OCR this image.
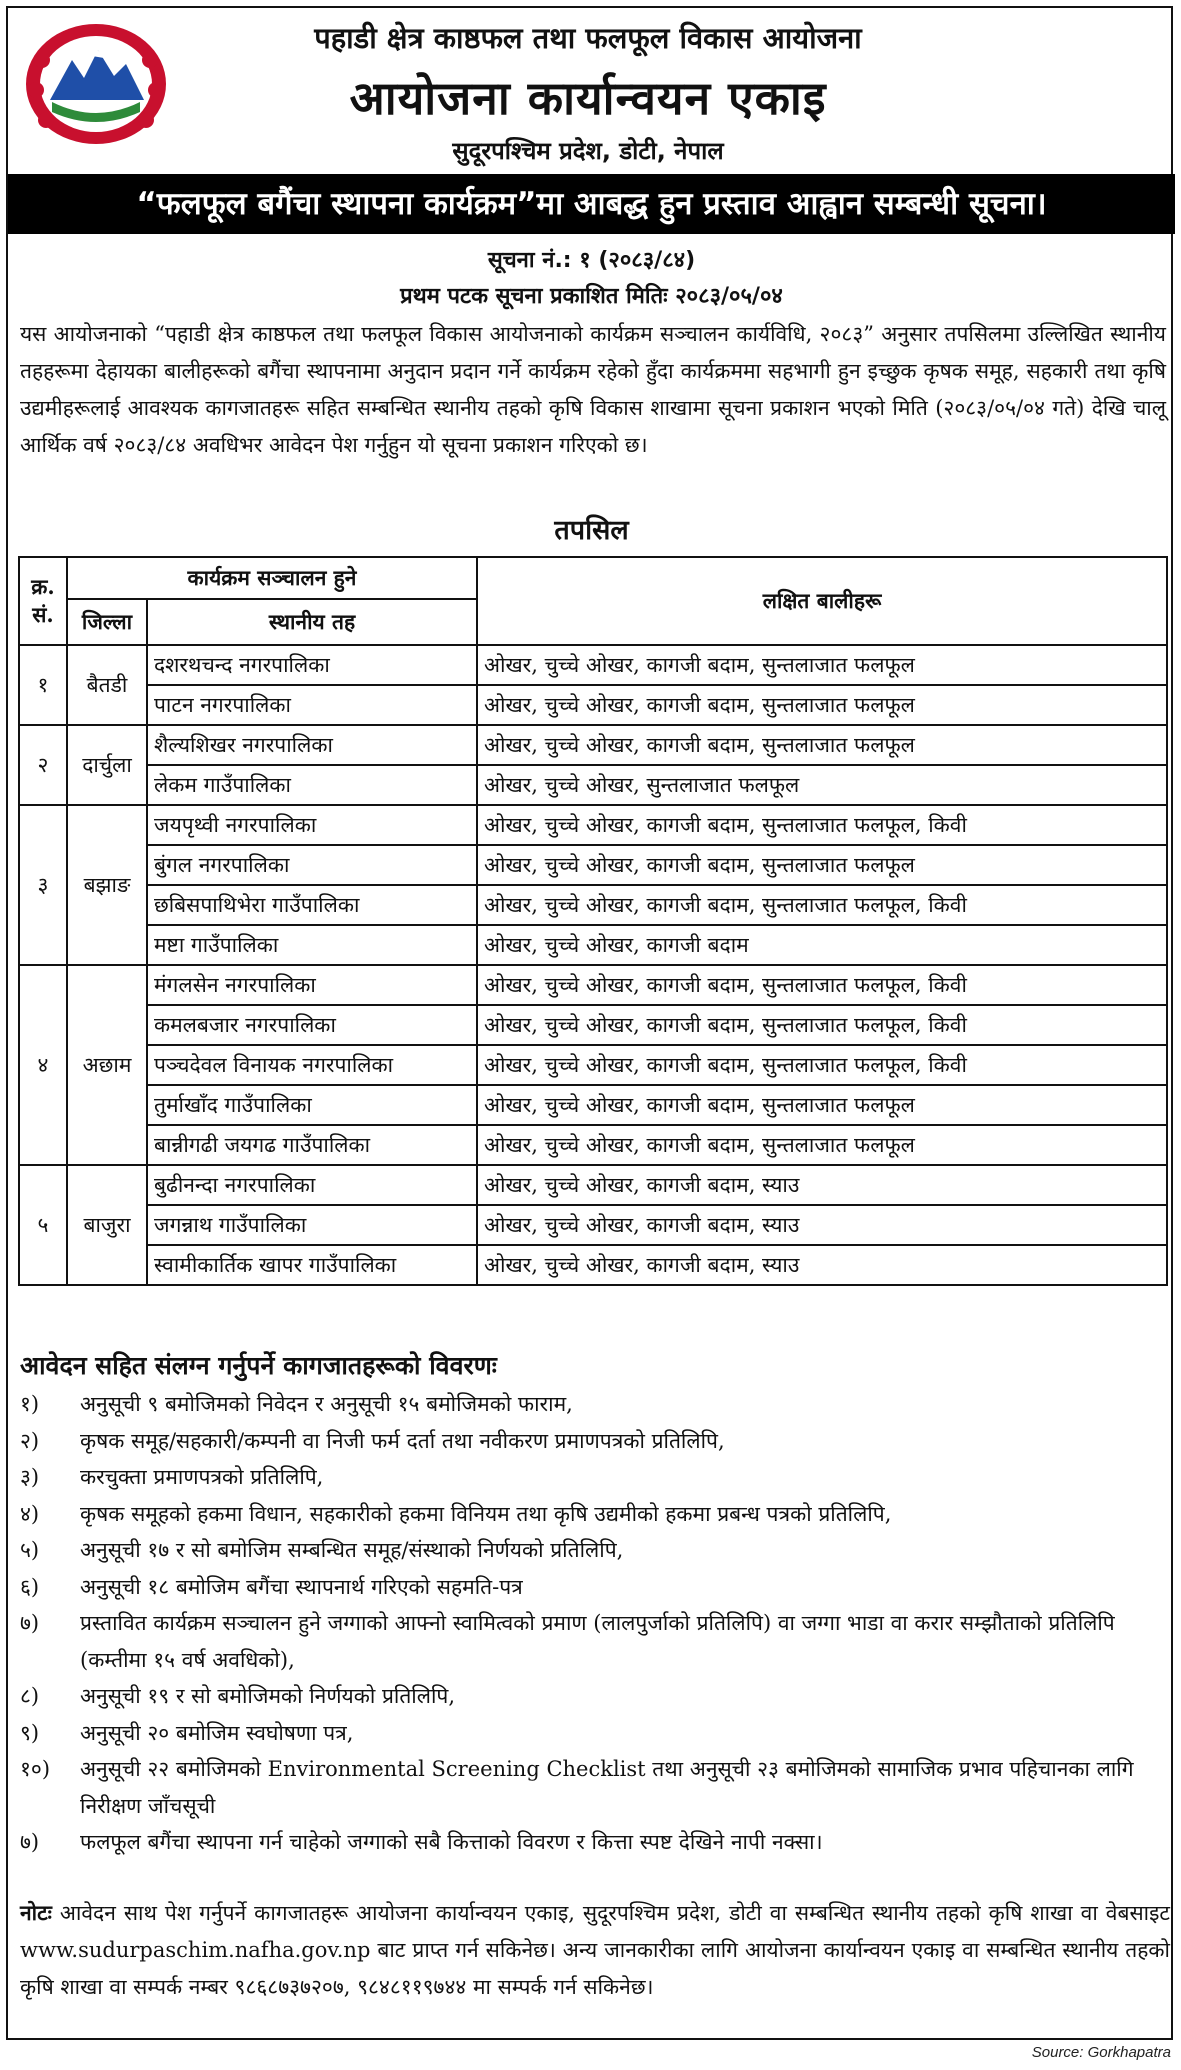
पहाडी क्षेत्र काष्ठफल तथा फलफूल विकास आयोजना
आयोजना कार्यान्वयन एकाइ
सुदूरपश्चिम प्रदेश, डोटी, नेपाल
“फलफूल बगैंचा स्थापना कार्यक्रम”मा आबद्ध हुन प्रस्ताव आह्वान सम्बन्धी सूचना।
सूचना नं.: १ (२०८३/८४)
प्रथम पटक सूचना प्रकाशित मितिः २०८३/०५/०४
यस आयोजनाको “पहाडी क्षेत्र काष्ठफल तथा फलफूल विकास आयोजनाको कार्यक्रम सञ्चालन कार्यविधि, २०८३” अनुसार तपसिलमा उल्लिखित स्थानीय तहहरूमा देहायका बालीहरूको बगैंचा स्थापनामा अनुदान प्रदान गर्ने कार्यक्रम रहेको हुँदा कार्यक्रममा सहभागी हुन इच्छुक कृषक समूह, सहकारी तथा कृषि उद्यमीहरूलाई आवश्यक कागजातहरू सहित सम्बन्धित स्थानीय तहको कृषि विकास शाखामा सूचना प्रकाशन भएको मिति (२०८३/०५/०४ गते) देखि चालू आर्थिक वर्ष २०८३/८४ अवधिभर आवेदन पेश गर्नुहुन यो सूचना प्रकाशन गरिएको छ।
तपसिल
क्र. सं.	कार्यक्रम सञ्चालन हुने		लक्षित बालीहरू
	जिल्ला	स्थानीय तह	
१	बैतडी	दशरथचन्द नगरपालिका	ओखर, चुच्चे ओखर, कागजी बदाम, सुन्तलाजात फलफूल
		पाटन नगरपालिका	ओखर, चुच्चे ओखर, कागजी बदाम, सुन्तलाजात फलफूल
२	दार्चुला	शैल्यशिखर नगरपालिका	ओखर, चुच्चे ओखर, कागजी बदाम, सुन्तलाजात फलफूल
		लेकम गाउँपालिका	ओखर, चुच्चे ओखर, सुन्तलाजात फलफूल
३	बझाङ	जयपृथ्वी नगरपालिका	ओखर, चुच्चे ओखर, कागजी बदाम, सुन्तलाजात फलफूल, किवी
		बुंगल नगरपालिका	ओखर, चुच्चे ओखर, कागजी बदाम, सुन्तलाजात फलफूल
		छबिसपाथिभेरा गाउँपालिका	ओखर, चुच्चे ओखर, कागजी बदाम, सुन्तलाजात फलफूल, किवी
		मष्टा गाउँपालिका	ओखर, चुच्चे ओखर, कागजी बदाम
४	अछाम	मंगलसेन नगरपालिका	ओखर, चुच्चे ओखर, कागजी बदाम, सुन्तलाजात फलफूल, किवी
		कमलबजार नगरपालिका	ओखर, चुच्चे ओखर, कागजी बदाम, सुन्तलाजात फलफूल, किवी
		पञ्चदेवल विनायक नगरपालिका	ओखर, चुच्चे ओखर, कागजी बदाम, सुन्तलाजात फलफूल, किवी
		तुर्माखाँद गाउँपालिका	ओखर, चुच्चे ओखर, कागजी बदाम, सुन्तलाजात फलफूल
		बान्नीगढी जयगढ गाउँपालिका	ओखर, चुच्चे ओखर, कागजी बदाम, सुन्तलाजात फलफूल
५	बाजुरा	बुढीनन्दा नगरपालिका	ओखर, चुच्चे ओखर, कागजी बदाम, स्याउ
		जगन्नाथ गाउँपालिका	ओखर, चुच्चे ओखर, कागजी बदाम, स्याउ
		स्वामीकार्तिक खापर गाउँपालिका	ओखर, चुच्चे ओखर, कागजी बदाम, स्याउ
आवेदन सहित संलग्न गर्नुपर्ने कागजातहरूको विवरणः
१)	अनुसूची ९ बमोजिमको निवेदन र अनुसूची १५ बमोजिमको फाराम,
२)	कृषक समूह/सहकारी/कम्पनी वा निजी फर्म दर्ता तथा नवीकरण प्रमाणपत्रको प्रतिलिपि,
३)	करचुक्ता प्रमाणपत्रको प्रतिलिपि,
४)	कृषक समूहको हकमा विधान, सहकारीको हकमा विनियम तथा कृषि उद्यमीको हकमा प्रबन्ध पत्रको प्रतिलिपि,
५)	अनुसूची १७ र सो बमोजिम सम्बन्धित समूह/संस्थाको निर्णयको प्रतिलिपि,
६)	अनुसूची १८ बमोजिम बगैंचा स्थापनार्थ गरिएको सहमति-पत्र
७)	प्रस्तावित कार्यक्रम सञ्चालन हुने जग्गाको आफ्नो स्वामित्वको प्रमाण (लालपुर्जाको प्रतिलिपि) वा जग्गा भाडा वा करार सम्झौताको प्रतिलिपि (कम्तीमा १५ वर्ष अवधिको),
८)	अनुसूची १९ र सो बमोजिमको निर्णयको प्रतिलिपि,
९)	अनुसूची २० बमोजिम स्वघोषणा पत्र,
१०)	अनुसूची २२ बमोजिमको Environmental Screening Checklist तथा अनुसूची २३ बमोजिमको सामाजिक प्रभाव पहिचानका लागि निरीक्षण जाँचसूची
७)	फलफूल बगैंचा स्थापना गर्न चाहेको जग्गाको सबै कित्ताको विवरण र कित्ता स्पष्ट देखिने नापी नक्सा।
नोटः आवेदन साथ पेश गर्नुपर्ने कागजातहरू आयोजना कार्यान्वयन एकाइ, सुदूरपश्चिम प्रदेश, डोटी वा सम्बन्धित स्थानीय तहको कृषि शाखा वा वेबसाइट www.sudurpaschim.nafha.gov.np बाट प्राप्त गर्न सकिनेछ। अन्य जानकारीका लागि आयोजना कार्यान्वयन एकाइ वा सम्बन्धित स्थानीय तहको कृषि शाखा वा सम्पर्क नम्बर ९८६८७३७२०७, ९८४८११९७४४ मा सम्पर्क गर्न सकिनेछ।
Source: Gorkhapatra
